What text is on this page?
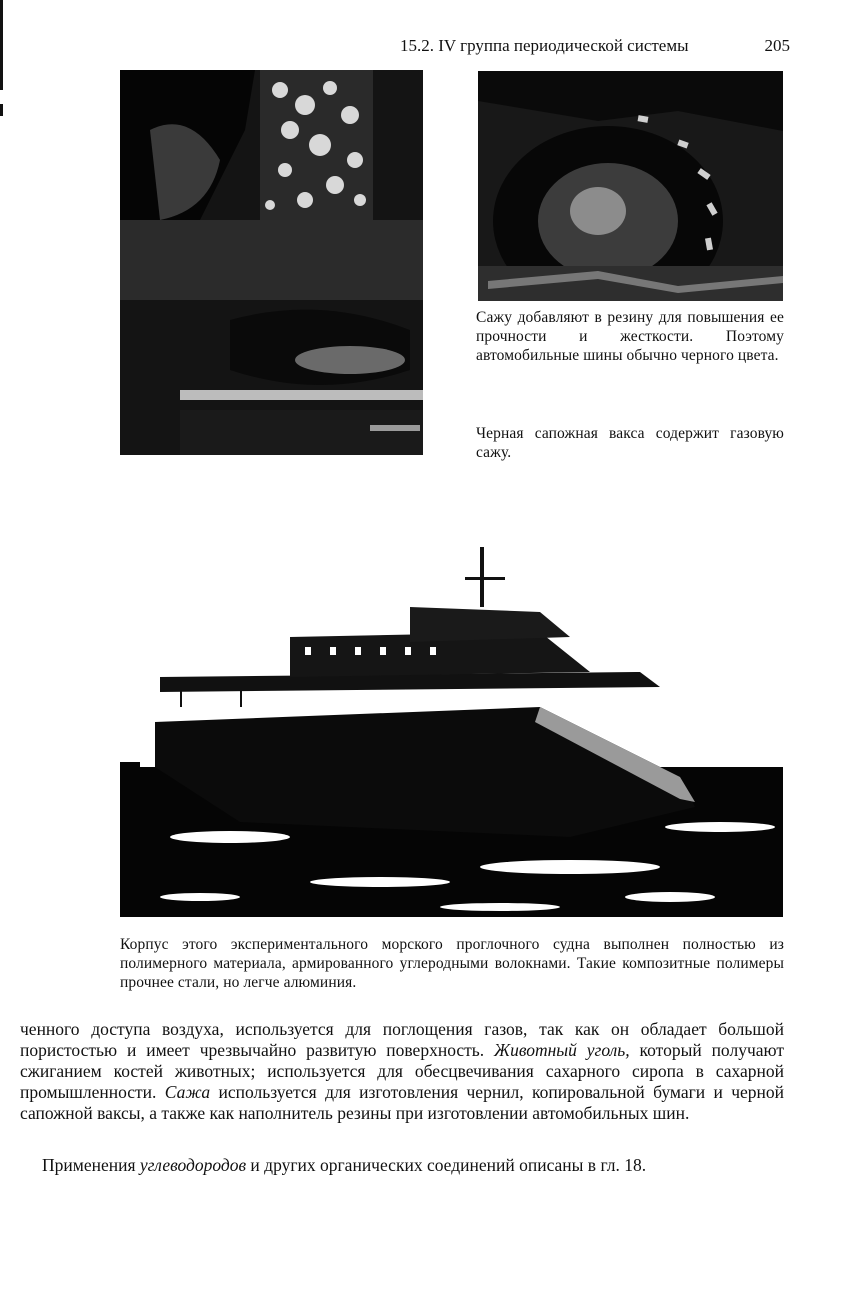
15.2. IV группа периодической системы	205
Сажу добавляют в резину для повышения ее прочности и жесткости. Поэтому автомобильные шины обычно черного цвета.
Черная сапожная вакса содержит газовую сажу.
Корпус этого экспериментального морского проглочного судна выполнен полностью из полимерного материала, армированного углеродными волокнами. Такие композитные полимеры прочнее стали, но легче алюминия.

ченного доступа воздуха, используется для поглощения газов, так как он обладает большой пористостью и имеет чрезвычайно развитую поверхность. Животный уголь, который получают сжиганием костей животных; используется для обесцвечивания сахарного сиропа в сахарной промышленности. Сажа используется для изготовления чернил, копировальной бумаги и черной сапожной ваксы, а также как наполнитель резины при изготовлении автомобильных шин.

Применения углеводородов и других органических соединений описаны в гл. 18.
